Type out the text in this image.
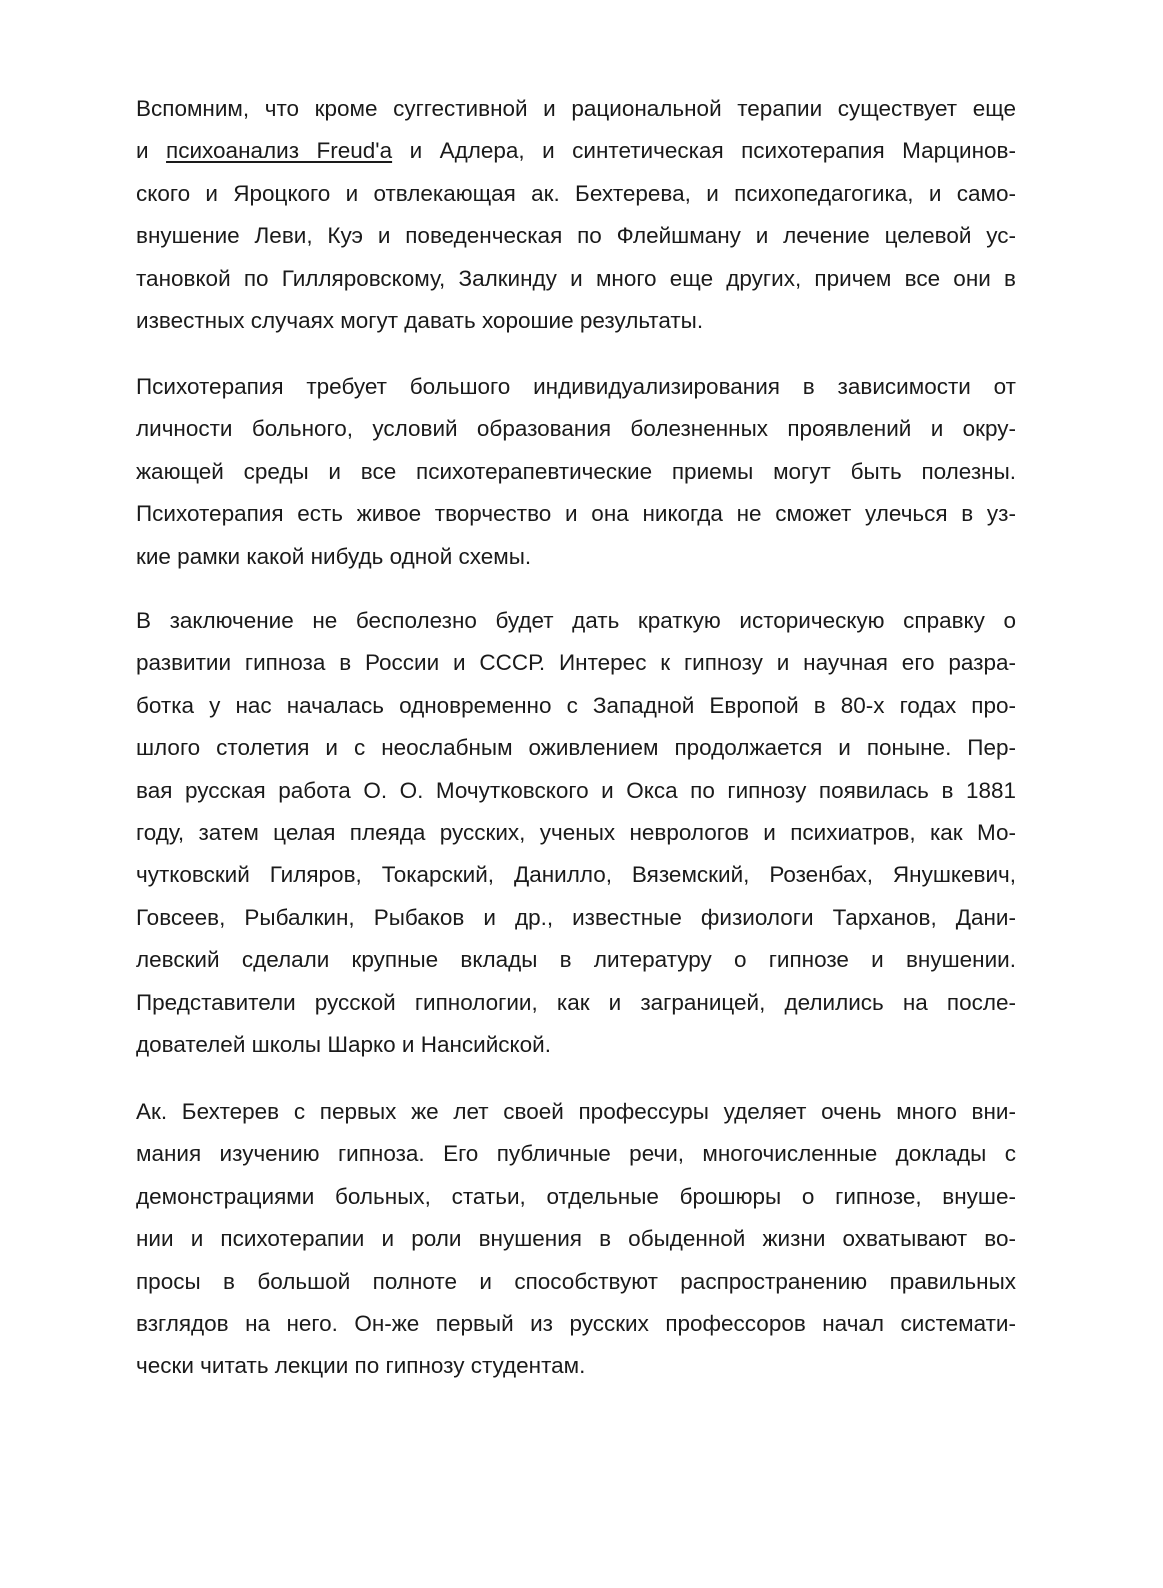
Вспомним, что кроме суггестивной и рациональной терапии существует еще
и психоанализ Freud'a и Адлера, и синтетическая психотерапия Марцинов-
ского и Яроцкого и отвлекающая ак. Бехтерева, и психопедагогика, и само-
внушение Леви, Куэ и поведенческая по Флейшману и лечение целевой ус-
тановкой по Гилляровскому, Залкинду и много еще других, причем все они в
известных случаях могут давать хорошие результаты.
Психотерапия требует большого индивидуализирования в зависимости от
личности больного, условий образования болезненных проявлений и окру-
жающей среды и все психотерапевтические приемы могут быть полезны.
Психотерапия есть живое творчество и она никогда не сможет улечься в уз-
кие рамки какой нибудь одной схемы.
В заключение не бесполезно будет дать краткую историческую справку о
развитии гипноза в России и СССР. Интерес к гипнозу и научная его разра-
ботка у нас началась одновременно с Западной Европой в 80-х годах про-
шлого столетия и с неослабным оживлением продолжается и поныне. Пер-
вая русская работа О. О. Мочутковского и Окса по гипнозу появилась в 1881
году, затем целая плеяда русских, ученых неврологов и психиатров, как Мо-
чутковский Гиляров, Токарский, Данилло, Вяземский, Розенбах, Янушкевич,
Говсеев, Рыбалкин, Рыбаков и др., известные физиологи Тарханов, Дани-
левский сделали крупные вклады в литературу о гипнозе и внушении.
Представители русской гипнологии, как и заграницей, делились на после-
дователей школы Шарко и Нансийской.
Ак. Бехтерев с первых же лет своей профессуры уделяет очень много вни-
мания изучению гипноза. Его публичные речи, многочисленные доклады с
демонстрациями больных, статьи, отдельные брошюры о гипнозе, внуше-
нии и психотерапии и роли внушения в обыденной жизни охватывают во-
просы в большой полноте и способствуют распространению правильных
взглядов на него. Он-же первый из русских профессоров начал системати-
чески читать лекции по гипнозу студентам.
